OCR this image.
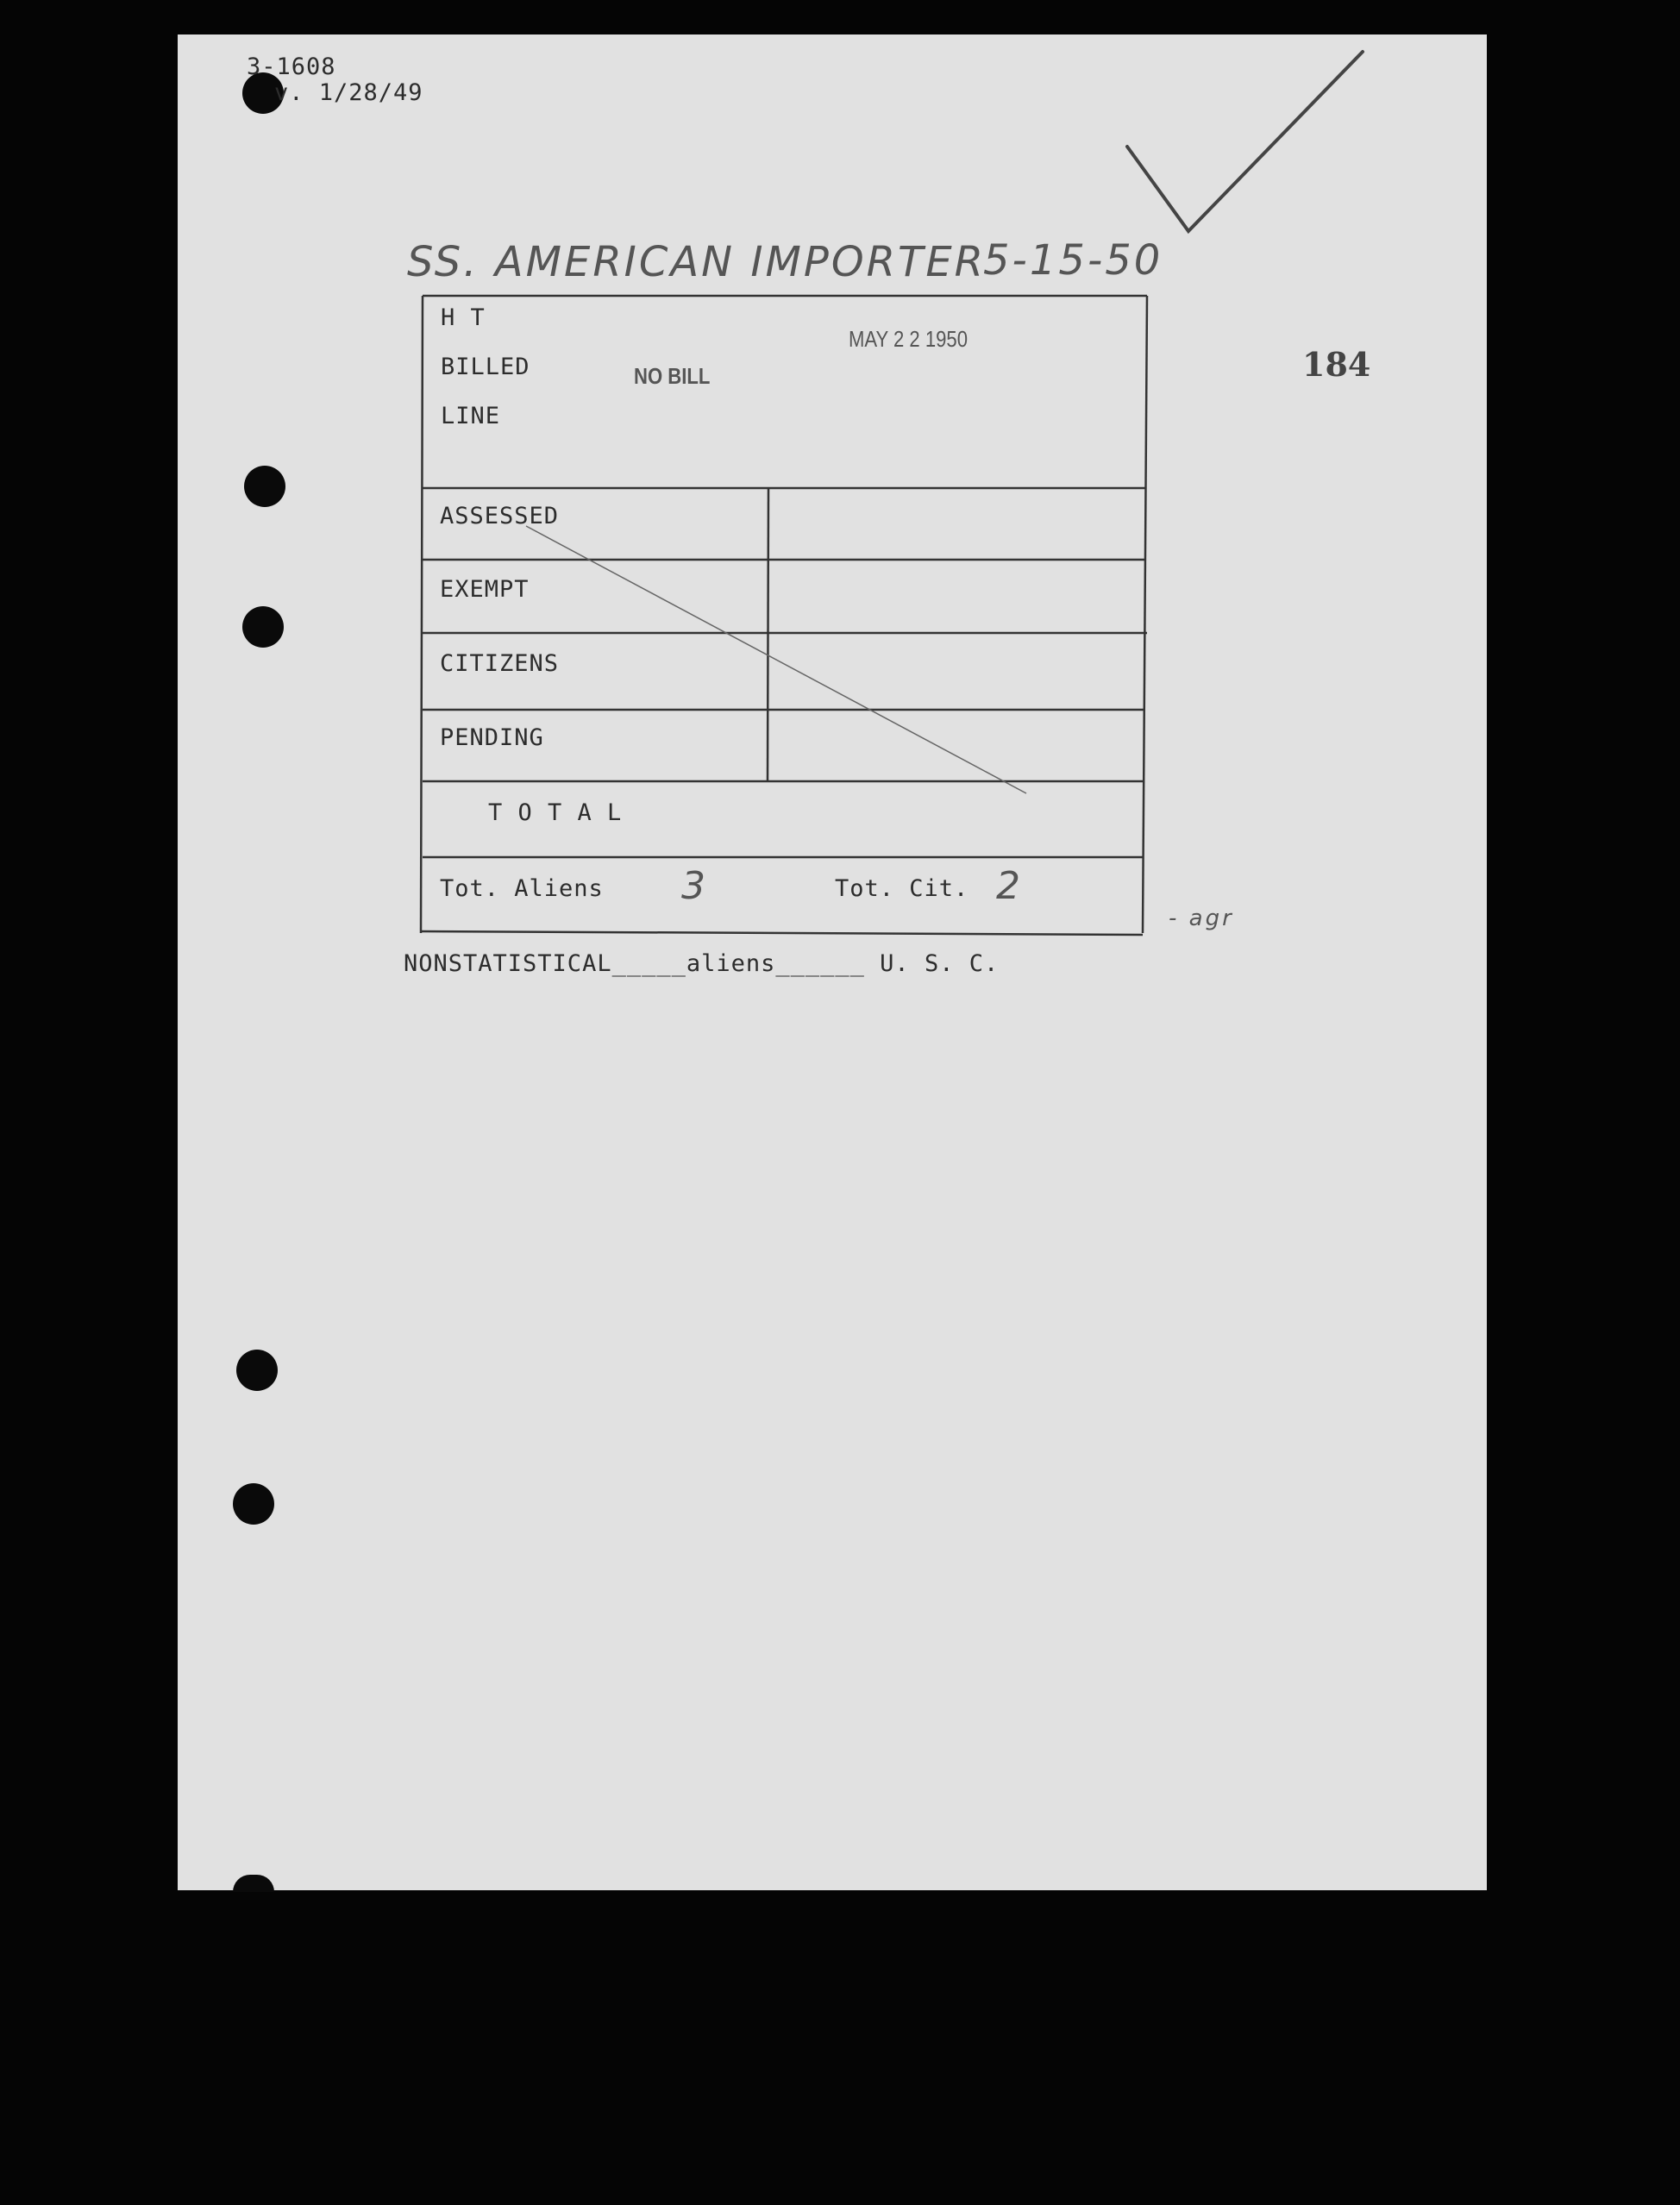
3-1608
v. 1/28/49
SS. AMERICAN IMPORTER
5-15-50
184
H T
BILLED
LINE
NO BILL
MAY 2 2 1950
ASSESSED
EXEMPT
CITIZENS
PENDING
T O T A L
Tot. Aliens 3	Tot. Cit. 2
- agr
NONSTATISTICAL_____aliens______ U. S. C.
